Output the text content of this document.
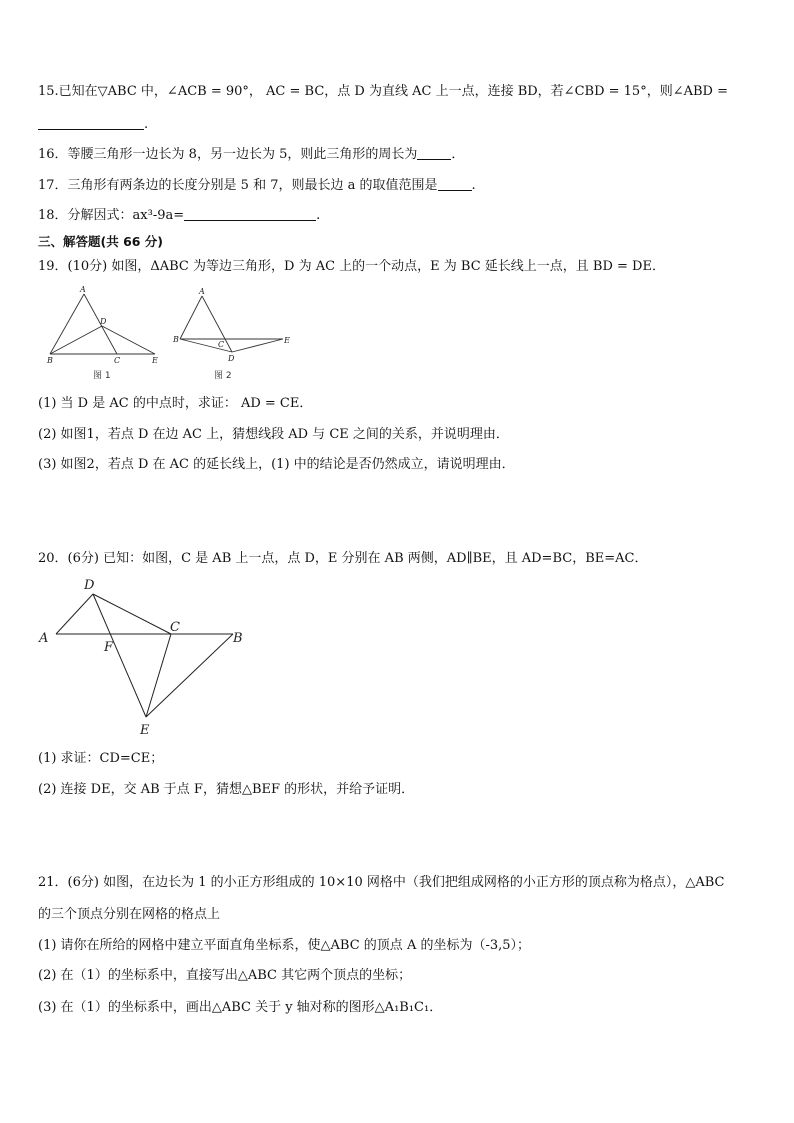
15.已知在▽ABC 中，∠ACB = 90°， AC = BC，点 D 为直线 AC 上一点，连接 BD，若∠CBD = 15°，则∠ABD =
.
16．等腰三角形一边长为 8，另一边长为 5，则此三角形的周长为	．
17．三角形有两条边的长度分别是 5 和 7，则最长边 a 的取值范围是	.
18．分解因式：ax³-9a=	.
三、解答题(共 66 分)
19．(10分) 如图，ΔABC 为等边三角形，D 为 AC 上的一个动点，E 为 BC 延长线上一点，且 BD = DE．
A
D
B	C	E
图 1
A
B
C
D
E
图 2
(1) 当 D 是 AC 的中点时，求证： AD = CE．
(2) 如图1，若点 D 在边 AC 上，猜想线段 AD 与 CE 之间的关系，并说明理由．
(3) 如图2，若点 D 在 AC 的延长线上，(1) 中的结论是否仍然成立，请说明理由．
20．(6分) 已知：如图，C 是 AB 上一点，点 D，E 分别在 AB 两侧，AD∥BE，且 AD=BC，BE=AC．
D
A
F
C
B
E
(1) 求证：CD=CE；
(2) 连接 DE，交 AB 于点 F，猜想△BEF 的形状，并给予证明．
21．(6分) 如图，在边长为 1 的小正方形组成的 10×10 网格中（我们把组成网格的小正方形的顶点称为格点），△ABC
的三个顶点分别在网格的格点上
(1) 请你在所给的网格中建立平面直角坐标系，使△ABC 的顶点 A 的坐标为（-3,5）；
(2) 在（1）的坐标系中，直接写出△ABC 其它两个顶点的坐标；
(3) 在（1）的坐标系中，画出△ABC 关于 y 轴对称的图形△A₁B₁C₁．
